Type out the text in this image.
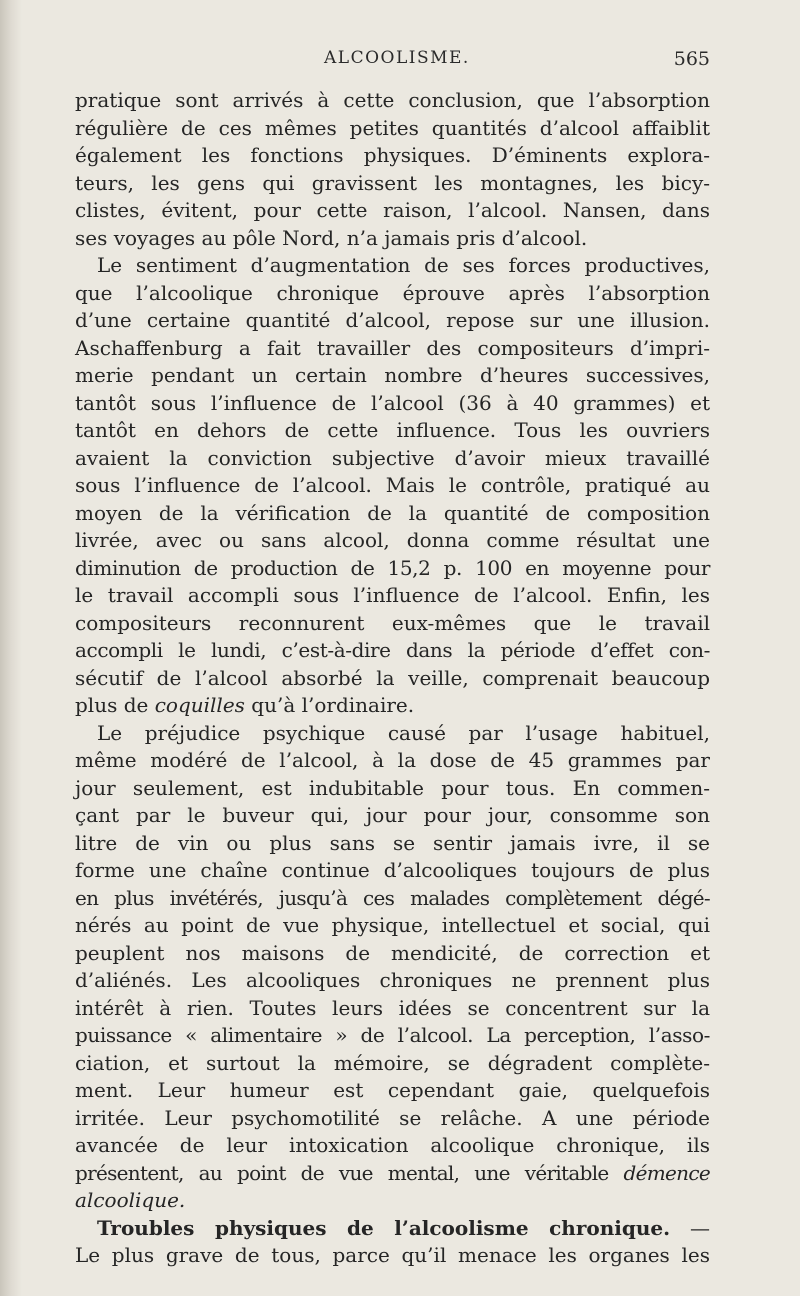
ALCOOLISME.	565
pratique sont arrivés à cette conclusion, que l’absorption
régulière de ces mêmes petites quantités d’alcool affaiblit
également les fonctions physiques. D’éminents explora-
teurs, les gens qui gravissent les montagnes, les bicy-
clistes, évitent, pour cette raison, l’alcool. Nansen, dans
ses voyages au pôle Nord, n’a jamais pris d’alcool.
Le sentiment d’augmentation de ses forces productives,
que l’alcoolique chronique éprouve après l’absorption
d’une certaine quantité d’alcool, repose sur une illusion.
Aschaffenburg a fait travailler des compositeurs d’impri-
merie pendant un certain nombre d’heures successives,
tantôt sous l’influence de l’alcool (36 à 40 grammes) et
tantôt en dehors de cette influence. Tous les ouvriers
avaient la conviction subjective d’avoir mieux travaillé
sous l’influence de l’alcool. Mais le contrôle, pratiqué au
moyen de la vérification de la quantité de composition
livrée, avec ou sans alcool, donna comme résultat une
diminution de production de 15,2 p. 100 en moyenne pour
le travail accompli sous l’influence de l’alcool. Enfin, les
compositeurs reconnurent eux-mêmes que le travail
accompli le lundi, c’est-à-dire dans la période d’effet con-
sécutif de l’alcool absorbé la veille, comprenait beaucoup
plus de coquilles qu’à l’ordinaire.
Le préjudice psychique causé par l’usage habituel,
même modéré de l’alcool, à la dose de 45 grammes par
jour seulement, est indubitable pour tous. En commen-
çant par le buveur qui, jour pour jour, consomme son
litre de vin ou plus sans se sentir jamais ivre, il se
forme une chaîne continue d’alcooliques toujours de plus
en plus invétérés, jusqu’à ces malades complètement dégé-
nérés au point de vue physique, intellectuel et social, qui
peuplent nos maisons de mendicité, de correction et
d’aliénés. Les alcooliques chroniques ne prennent plus
intérêt à rien. Toutes leurs idées se concentrent sur la
puissance « alimentaire » de l’alcool. La perception, l’asso-
ciation, et surtout la mémoire, se dégradent complète-
ment. Leur humeur est cependant gaie, quelquefois
irritée. Leur psychomotilité se relâche. A une période
avancée de leur intoxication alcoolique chronique, ils
présentent, au point de vue mental, une véritable démence
alcoolique.
Troubles physiques de l’alcoolisme chronique. —
Le plus grave de tous, parce qu’il menace les organes les
